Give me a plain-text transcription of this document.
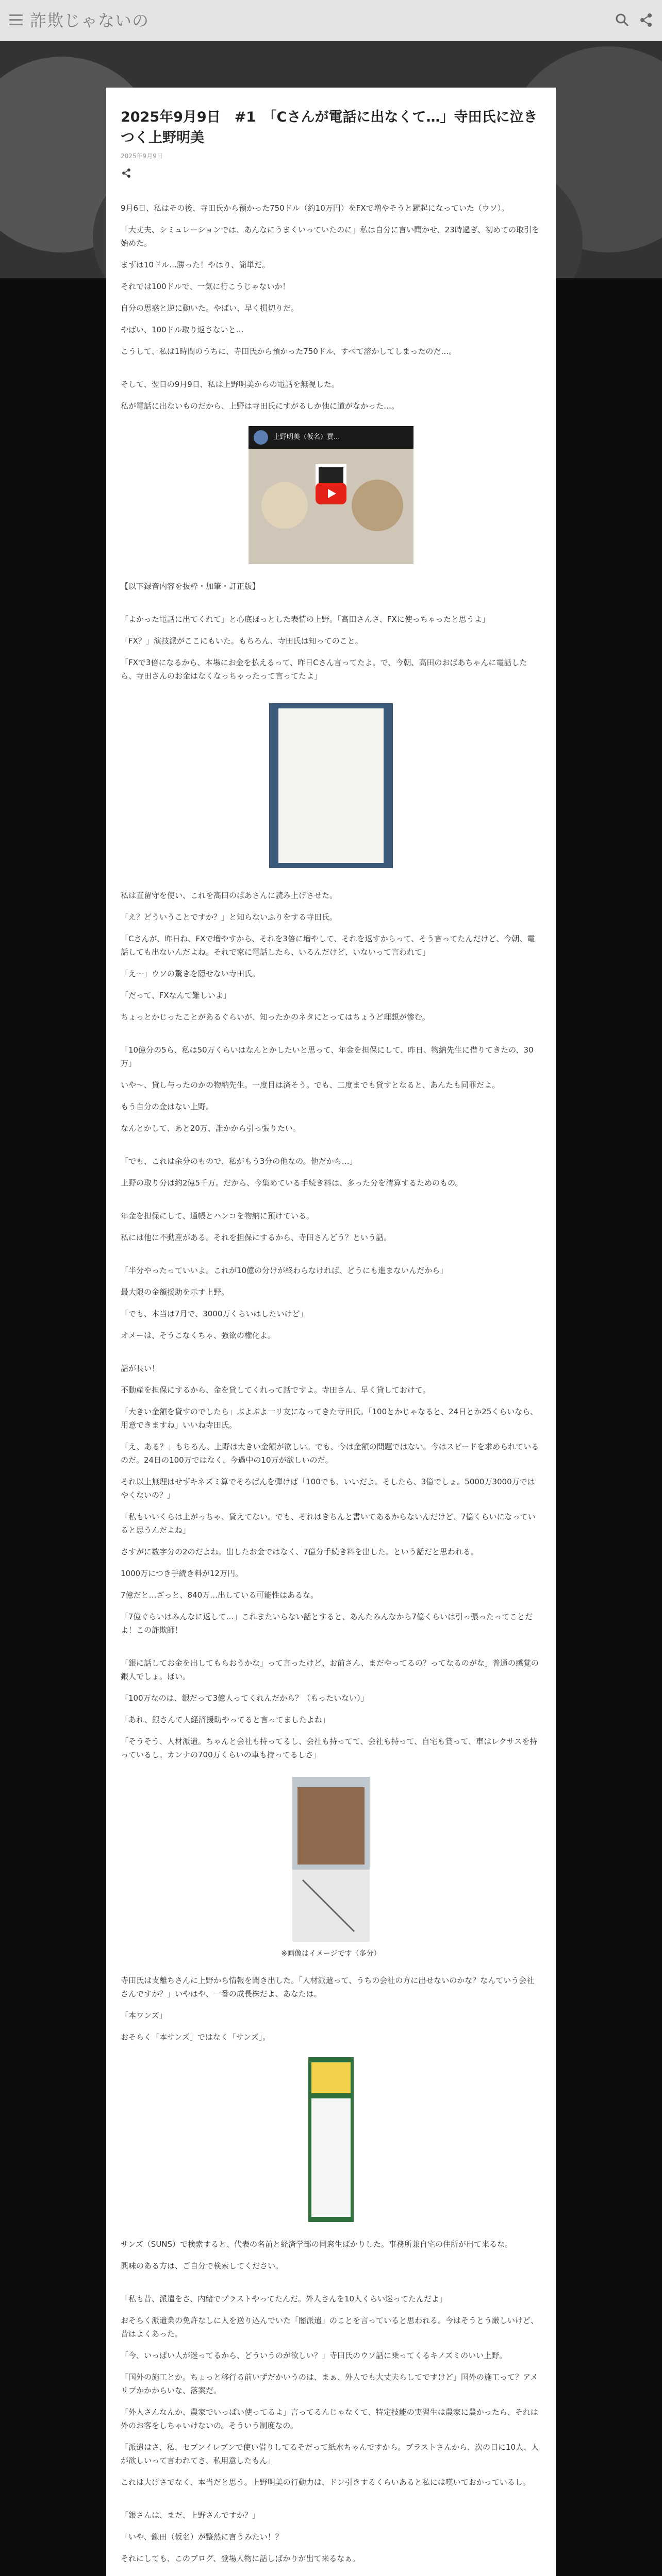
詐欺じゃないの
2025年9月9日　#1　「Cさんが電話に出なくて…」寺田氏に泣きつく上野明美
2025年9月9日

9月6日、私はその後、寺田氏から預かった750ドル（約10万円）をFXで増やそうと躍起になっていた（ウソ）。

「大丈夫、シミュレーションでは、あんなにうまくいっていたのに」私は自分に言い聞かせ、23時過ぎ、初めての取引を始めた。

まずは10ドル…勝った！やはり、簡単だ。

それでは100ドルで、一気に行こうじゃないか！

自分の思惑と逆に動いた。やばい、早く損切りだ。

やばい、100ドル取り返さないと…

こうして、私は1時間のうちに、寺田氏から預かった750ドル、すべて溶かしてしまったのだ…。

そして、翌日の9月9日、私は上野明美からの電話を無視した。

私が電話に出ないものだから、上野は寺田氏にすがるしか他に道がなかった…。

上野明美（仮名）買...

【以下録音内容を抜粋・加筆・訂正版】

「よかった電話に出てくれて」と心底ほっとした表情の上野。「高田さんさ、FXに使っちゃったと思うよ」

「FX？」演技派がここにもいた。もちろん、寺田氏は知ってのこと。

「FXで3倍になるから、本場にお金を払えるって、昨日Cさん言ってたよ。で、今朝、高田のおばあちゃんに電話したら、寺田さんのお金はなくなっちゃったって言ってたよ」

私は直留守を使い、これを高田のばあさんに読み上げさせた。

「え？どういうことですか？」と知らないふりをする寺田氏。

「Cさんが、昨日ね、FXで増やすから、それを3倍に増やして、それを返すからって、そう言ってたんだけど、今朝、電話しても出ないんだよね。それで家に電話したら、いるんだけど、いないって言われて」

「え〜」ウソの驚きを隠せない寺田氏。

「だって、FXなんて難しいよ」

ちょっとかじったことがあるぐらいが、知ったかのネタにとってはちょうど理想が惨む。

「10億分の5ら、私は50万くらいはなんとかしたいと思って、年金を担保にして、昨日、物納先生に借りてきたの、30万」

いや〜、貸し与ったのかの物納先生。一度目は済そう。でも、二度までも貸すとなると、あんたも同罪だよ。

もう自分の金はない上野。

なんとかして、あと20万、誰かから引っ張りたい。

「でも、これは余分のもので、私がもう3分の他なの。他だから…」

上野の取り分は約2億5千万。だから、今集めている手続き料は、多った分を清算するためのもの。

年金を担保にして、通帳とハンコを物納に預けている。

私には他に不動産がある。それを担保にするから、寺田さんどう？という話。

「半分やったっていいよ。これが10億の分けが終わらなければ、どうにも進まないんだから」

最大限の金額援助を示す上野。

「でも、本当は7月で、3000万くらいはしたいけど」

オメーは、そうこなくちゃ、強欲の権化よ。

話が長い！

不動産を担保にするから、金を貸してくれって話ですよ。寺田さん、早く貸しておけて。

「大きい金額を貸すのでしたら」ぶよぶよ一リ友になってきた寺田氏。「100とかじゃなると、24日とか25くらいなら、用意できますね」いいね寺田氏。

「え、ある？」もちろん、上野は大きい金額が欲しい。でも、今は金額の問題ではない。今はスピードを求められているのだ。24日の100万ではなく、今過中の10万が欲しいのだ。

それ以上無理はせずキネズミ算でそろばんを弾けば「100でも、いいだよ。そしたら、3億でしょ。5000万3000万ではやくないの？」

「私もいいくらは上がっちゃ、貸えてない。でも、それはきちんと書いてあるからないんだけど、7億くらいになっていると思うんだよね」

さすがに数字分の2のだよね。出したお金ではなく、7億分手続き料を出した。という話だと思われる。

1000万につき手続き料が12万円。

7億だと…ざっと、840万…出している可能性はあるな。

「7億ぐらいはみんなに返して…」これまたいらない話とすると、あんたみんなから7億くらいは引っ張ったってことだよ！この詐欺師！

「銀に話してお金を出してもらおうかな」って言ったけど、お前さん、まだやってるの？ってなるのがな」普通の感覚の銀人でしょ。ほい。

「100万なのは、銀だって3億人ってくれんだから？（もったいない）」

「あれ、銀さんて人経済援助やってると言ってましたよね」

「そうそう、人材派遣。ちゃんと会社も持ってるし、会社も持ってて、会社も持って、自宅も貸って、車はレクサスを持っているし。カンナの700万くらいの車も持ってるしさ」

※画像はイメージです（多分）

寺田氏は支離ちさんに上野から情報を聞き出した。「人材派遣って、うちの会社の方に出せないのかな？なんていう会社さんですか？」いやはや、一番の成長株だよ、あなたは。

「本ワンズ」

おそらく「本サンズ」ではなく「サンズ」。

サンズ（SUNS）で検索すると、代表の名前と経済学部の同窓生ばかりした。事務所兼自宅の住所が出て来るな。

興味のある方は、ご自分で検索してください。

「私も昔、派遣をさ、内緒でプラストやってたんだ。外人さんを10人くらい迷ってたんだよ」

おそらく派遣業の免許なしに人を送り込んでいた「闇派遣」のことを言っていると思われる。今はそうとう厳しいけど、昔はよくあった。

「今、いっぱい人が迷ってるから、どういうのが欲しい？」寺田氏のウソ話に乗ってくるキノズミのいい上野。

「国外の施工とか。ちょっと移行る前いずだかいうのは、まぁ、外人でも大丈夫らしてですけど」国外の施工って？アメリプかかからいな、落案だ。

「外人さんなんか、農家でいっぱい使ってるよ」言ってるんじゃなくて、特定技能の実習生は農家に農かったら、それは外のお客をしちゃいけないの。そういう制度なの。

「派遣はさ、私、セブンイレブンで使い借りしてるそだって紙水ちゃんですから。ブラストさんから、次の日に10人、人が欲しいって言われてさ、私用意したもん」

これは大げさでなく、本当だと思う。上野明美の行動力は、ドン引きするくらいあると私には嘆いておかっているし。

「銀さんは、まだ、上野さんですか？」

「いや、鎌田（仮名）が整然に言うみたい！？

それにしても、このブログ、登場人物に話しばかりが出て来るなぁ。
